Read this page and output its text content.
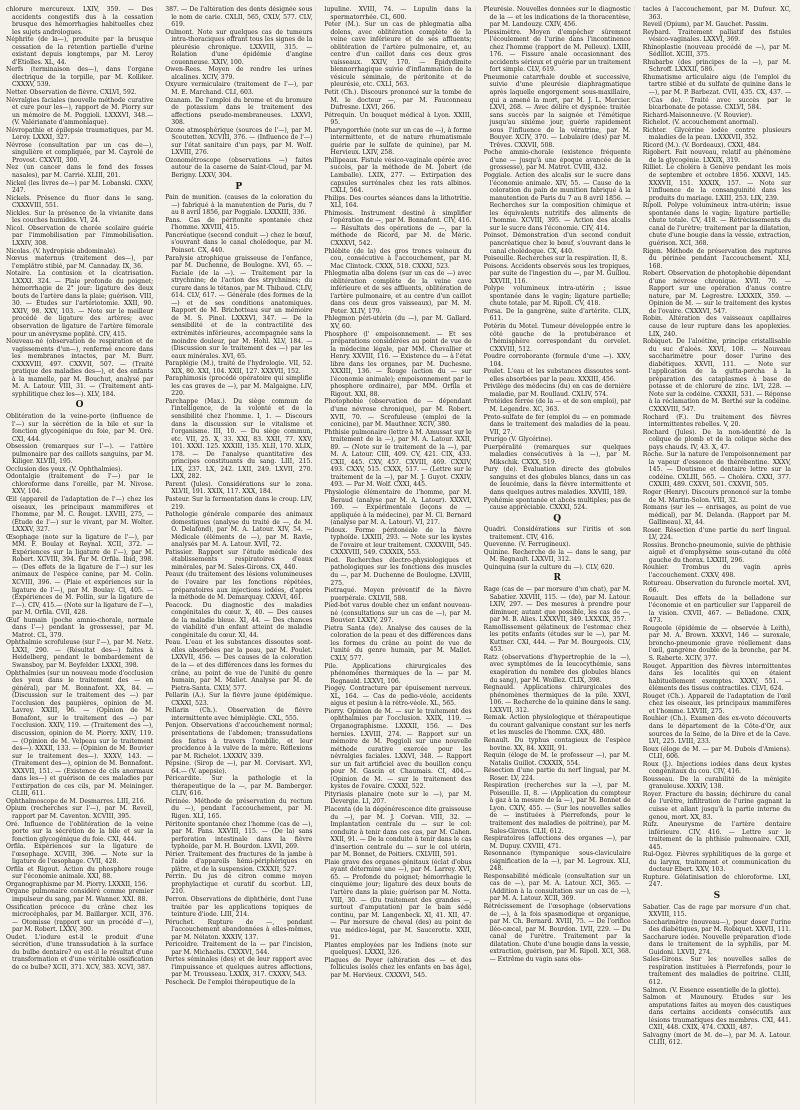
chlorure mercureux. LXIV, 359. — Des accidents congestifs dus à la cessation brusque des hémorrhagies habituelles chez les sujets andrologues.

Néphrite (de la—), produite par la brusque cessation de la rétention partielle d'urine existant depuis longtemps, par M. Leroy d'Etiolles. XL, 44.

Nerfs (terminaison des—), dans l'organe électrique de la torpille, par M. Kolliker. CXXXV, 539.

Netter. Observation de fièvre. CXLVI, 592.

Névralgies faciales (nouvelle méthode curative et cure pour les—), rapport de M. Piorry sur un mémoire de M. Poggioli. LXXXVI, 348.— (V. Valérianate d'ammoniaque).

Névropathie et épilepsie traumatiques, par M. Leroy. LXXXI, 327.

Névrose (consultation par un cas de—), singulière et compliquée, par M. Cayrolé de Provost. CXXVII, 300.

Nez (un cancer dans le fond des fosses nasales), par M. Carrié. XLIII, 201.

Nickel (les livres de—) par M. Lobanski. CXXV, 247.

Nickels. Présence du fluor dans le sang. CXXXVIII, 551.

Nickles. Sur la présence de la vivianite dans les couches humides. VI, 24.

Nicol. Observation de chorée scolaire guérie par l'immobilisation par l'immobilisation. LXXIV, 308.

Nicolas. (V. hydropisie abdominale).

Nœvus maternus (traitement des—), par l'emplâtre stibié, par M. Cannaday. IX, 36.

Notaire. La contusion et la cicatrisation. LXXXI. 324. — Plaie profonde du poignet; hémorrhagie de 2° jour: ligature des deux bouts de l'artère dans la plaie; guérison. VIII, 30. — Études sur l'artériotomie. XXII, 90. XXIV, 98. XXV, 103. — Note sur le meilleur procédé de ligature des artères; avec observation de ligature de l'artère fémorale pour un anévrysme poplité. CIV, 415.

Nouveau-né (observation de respiration et de vagissements d'un—), renfermé encore dans les membranes intactes, par M. Burr. CXXXVIII, 497. CXXVII, 507. — (Traité pratique des maladies des—), et des enfants à la mamelle, par M. Bouchut, analysé par M. A. Latour. VIII, 31. — (Traitement anti-syphilitique chez les—). XLV, 184.

O

Oblitération de la veine-porte (influence de l'—) sur la sécrétion de la bile et sur la fonction glycogénique du foie, par M. Oré. CXI, 444.

Obsession (remarques sur l'—). — l'attère pulmonaire par des caillots sanguins, par M. Kiliger. XLVIII, 195.

Occlusion des yeux. (V. Ophthalmies).

Odontalgie (traitement de l'—) par le chloroforme dans l'oreille, par M. Nivose. XXV, 104.

Œil (appareil de l'adaptation de l'—) chez les oiseaux, les principaux mammifères et l'homme, par M. C. Rouget. LXVIII, 275, — (Étude de l'—) sur le vivant, par M. Wolter. LXXXV, 327.

Œsophage (note sur la ligature de l'—), par MM. F. Boulay et Reynal. XCII, 372. — Expériences sur la ligature de l'—), par M. Robert. XCVIII, 394. Par M. Orfila. Ibid, 398. — (Des effets de la ligature de l'—) sur les animaux de l'espèce canine, par M. Colin. XCVIII, 396. — (Plaie et expériences sur la ligature de l'—), par M. Boulay. Cl, 405. — (Expériences de M. Follin, sur la ligature de l'—). CIV, 415.— (Note sur la ligature de l'—), par M. Orfila. CVII, 428.

Œuf humain (poche amnio-chorale, normale dans l'—) pendant la grossesse), par M. Matrot. CL, 379.

Ophthalmie scrofuleuse (sur l'—), par M. Netz. LXXI, 290. — (Résultat des—) faites à Heidelberg, pendant le bombardement de Swansboy, par M. Beyfelder. LXXXI, 398.

Ophthalmies (sur un nouveau mode d'occlusion des yeux dans le traitement des — en général), par M. Bonnafont. XX, 84. — (Discussion sur le traitement des —) par l'occlusion des paupières, opinion de M. Lavrey. XXIII, 96. — (Opinion de M. Bonafont, sur le traitement des —) par l'occlusion. XXIV, 119. — (Traitement des —), discussion, opinion de M. Piorry. XXIV, 119. — (Opinion de M. Velpeau sur le traitement des—). XXXII, 133. — (Opinion de M. Bouvier sur le traitement des—). XXXV, 143. — (Traitement des—), opinion de M. Bonnafont. XXXVII, 151. — (Existence de cils anormaux dans les—) et guérison de ces maladies par l'extirpation de ces cils, par M. Meininger. CLIII, 611.

Ophthalmoscope de M. Desmarres. LIII, 216.

Opium (recherches sur l'—), par M. Reveil, rapport par M. Caventon. XCVIII, 395.

Oré. Influence de l'oblitération de la veine porte sur la sécrétion de la bile et sur la fonction glycogénique du foie. CXI, 444.

Orfila. Expériences sur la ligature de l'œsophage. XCVIII, 396. — Note sur la ligature de l'œsophage. CVII, 428.

Orfila et Rigout. Action du phosphore rouge sur l'économie animale. XXI, 88.

Organographisme par M. Piorry. LXXXII, 156.

Organe pulmonaire considéré comme premier impulseur du sang, par M. Wanner. XXI. 88.

Ossification précoce du crâne chez les microcéphales, par M. Baillarger. XCII, 376. — Otomisse (rapport sur un procédé d'—), par M. Robert. LXXV, 300.

Oudet. L'iodure est-il le produit d'une sécrétion, d'une transsudation à la surface du bulbe dentaire? ou est-il le résultat d'une transformation et d'une véritable ossification de ce bulbe? XCII, 371. XCV, 383. XCVI, 387.

387. — De l'altération des dents désignée sous le nom de carie. CXLII, 565, CXLV, 577. CLV, 619.

Oulmont. Note sur quelques cas de tumeurs intra-thoraciques offrant tous les signes de la pleurésie chronique. LXXVIII, 315. — Relation d'une épidémie d'angine couenneuse. XXIV, 100.

Owen-Rees. Moyen de rendre les urines alcalines. XCIV, 379.

Oxyure vermiculaire (traitement de l'—), par M. E. Marchand. CLI, 603.

Ozanam. De l'emploi du brome et du bromure de potassium dans le traitement des affections pseudo-membraneuses. LXXVI, 308.

Ozone atmosphérique (sources de l'—), par M. Scoutetten. XCVIII, 376. — (Influence de l'—) sur l'état sanitaire d'un pays, par M. Wolf. LXVIII, 276.

Ozonométroscope (observations —) faites autour de la caserne de Saint-Cloud, par M. Berigny. LXXV, 304.

P

Pain de munition. (causes de la coloration du —) fabriqué à la manutention de Paris, du 7 au 8 avril 1856, par Poggiale. LXXXIII, 336.

Pans. Cas de péritonite spontanée chez l'homme. XXVIII, 415.

Pancréatique (second conduit —) chez le bœuf, s'ouvrant dans le canal cholédoque, par M. Poinsot. CX, 440.

Paralysie atrophique graisseuse de l'enfance, par M. Duchenne, de Boulogne. XVI, 65. — Faciale (de la —). — Traitement par la strychnine; de l'action des strychnines; du curare dans le tétanos, par M. Thibaud. CLIV, 614. CLV, 617. — Générale (des formes de la —) et de ses conditions anatomiques. Rapport de M. Brichotteau sur un mémoire de M. S. Pinel. LXXXVI, 347. — De la sensibilité et de la contractilité des extrémités inférieures, accompagnée sans la moindre douleur, par M. Hohl. XLV, 184. — (Discussion sur le traitement des —) par les eaux minérales. XVI, 65.

Paraplégie (M.), traité de l'hydrologie. VII, 52. XIX, 80. XXI, 104. XXII, 127. XXXVII, 152.

Paraphimosis (procédé opératoire qui simplifie les cas graves de —), par M. Malgaigne. LIV, 220.

Parchappe (Max.). Du siège commun de l'intelligence, de la volonté et de la sensibilité chez l'homme. I, 1. — Discours dans la discussion sur le vitalisme et l'organisme. III, 10. — Du siège commun, etc. VII, 25. X, 33. XXI, 83. XXII, 77. XXV, 101. XXXI. 125. XXXIII, 135. XLII, 170. XLIX, 178. — De l'analyse quantitative des principes constituants du sang. LIII, 215. LIX, 237. LX, 242. LXII, 249. LXVII, 270. LXX, 282.

Parent (Jules). Considérations sur le zona. XLVII, 191. XXIX, 117. XXX, 184.

Pasteur. Sur la fermentation dans le croup. LIV, 219.

Pathologie générale comparée des animaux domestiques (analyse du traité de —, de M. O. Delafond), par M. A. Latour. XIV, 54. — Médicale (éléments de —), par M. Ravle, analysés par M. A. Latour. XVII, 72.

Patissier. Rapport sur l'étude médicale des établissements respiratoires d'eaux minérales, par M. Sales-Girons. CX, 440.

Peaux (du traitement des lésions volumineuses de l'ovaire par les fonctions répétées, préparatoires aux injections iodées, d'après la méthode de M. Demarquay. CXXVI, 461.

Peacock. Du diagnostic des maladies congénitales du cœur. X, 40. — Des causes de la maladie bleue. XI, 44. — Des chances de viabilité d'un enfant atteint de maladie congénitale du cœur. XI, 44.

Peau. L'eau et les substances dissoutes sont-elles absorbées par la peau, par M. Poulet. LXXVII, 456. — Des causes de la coloration de la — et des différences dans les formes du crâne, au point de vue de l'unité du genre humain, par M. Maliet. Analyse par M. de Pietra-Santa. CXLV, 577.

Pellarin (A.). Sur la fièvre jaune épidémique. CXXXI, 523.

Pellarin (Ch.). Observation de fièvre intermittente avec hémiplégie. CXL, 555.

Penjon. Observations d'accouchement normal; présentations de l'abdomen; transsudations des fœtus à travers l'ombilic, et leur procidence à la vulve de la mère. Réflexions par M. Richelot. LXXXIV, 339.

Pépsine. (Sirop de —), par M. Corvisart. XVI, 64.— (V. apepsie).

Péricardite. Sur la pathologie et la thérapeutique de la —, par M. Bamberger. CLIV, 616.

Périnée. Méthode de préservation du rectum du —), pendant l'accouchement, par M. Rigen. XLI, 165.

Péritonite spontanée chez l'homme (cas de —), par M. Pans. XXVIII, 115. — (De la) sans perforation intestinale dans la fièvre typhoïde, par M. H. Bourdon. LXVII, 269.

Périer. Traitement des fractures de la jambe à l'aide d'appareils hémi-périphériques en plâtre, et de la suspension. CXXXII, 527.

Perrin. Du jus de citron comme moyen prophylactique et curatif du scorbut. LII, 210.

Perron. Observations de diphthérie, dont l'une traitée par les applications topiques de teinture d'iode. LIII, 214.

Péruchet. Rupture de —, pendant l'accouchement abandonnées à elles-mêmes, par M. Nélaton. XXXIV, 137.

Pericoidre. Traitement de la — par l'incision, par M. Michaelis. CXXXVI, 544.

Pertes séminales (des) et de leur rapport avec l'impuissance et quelques autres affections, par M. Trousseau. LXXIX, 317. CXXXV, 543.

Pescheck. De l'emploi thérapeutique de la

lupuline. XVIII, 74. — Lupulin dans la spermatorrhée. CL, 600.

Peter (M.). Sur un cas de phlegmatia alba dolens, avec oblitération complète de la veine cave inférieure et de ses affluents; oblitération de l'artère pulmonaire, et, au centre d'un caillot dans ces deux gros vaisseaux. XXIV, 170. — Épidydimite blennorrhagique suivie d'inflammation de la vésicule séminale, de péritonite et de pleurésie, etc. CXLI, 563.

Petit (Ch.). Discours prononcé sur la tombe de M. le docteur —, par M. Fauconneau Dufresne. LXVI, 266.

Pétrequin. Un bouquet médical à Lyon. XXIII, 95.

Pharyngorrhée (note sur un cas de —), à forme intermittente, et de nature rhumatismale guérie par le sulfate de quinine), par M. Hervieux. LXIV, 258.

Philipeaux. Fistule vésico-vaginale opérée avec succès, par la méthode de M. Jobert (de Lamballe). LXIX, 277. — Extirpation des capsules surrénales chez les rats albinos. CXLI, 564.

Philips. Des courtes séances dans la lithotritie. XLI, 164.

Phimosis. Instrument destiné à simplifier l'opération de —, par M. Bonnafont. CIV, 416. — Résultats des opérations de —, par la méthode de Ricord, par M. de Méric. CXXXVI, 542.

Phlébite (de la) des gros troncs veineux du cou, consécutive à l'accouchement, par M. Mac Clintock. CXXX, 518. CXXXI, 523.

Phlegmatia alba dolens (sur un cas de —) avec oblitération complète de la veine cave inférieure et de ses affluents, oblitération de l'artère pulmonaire, et au centre d'un caillot dans ces deux gros vaisseaux), par M. M. Peter. XLIV, 179.

Phlegmon péri-utérin (du —), par M. Gallard. XV, 60.

Phosphore (l' empoisonnement. — Et ses préparations considérées au point de vue de la médecine légale, par MM. Chevallier et Henry. XXVIII, 116. — Existence du — à l'état libre dans les organes, par M. Duchesne. XXXIII, 136. — Rouge (action du — sur l'économie animale); empoisonnement par le phosphore ordinaire), par MM. Orfila et Rigout. XXI, 88.

Photophobie (observation de — dépendant d'une névrose chronique), par M. Robert. XVII, 70. — Scrofuleuse (emploi de la conicine), par M. Mauthner. XCIV, 380.

Phthisie pulmonaire (lettre à M. Amussat sur le traitement de la —), par M. A. Latour. XXII, 89. — (Note sur le traitement de la —), par M. A. Latour. CIII, 409. CV, 421. CIX, 433. CXII, 445. CXV, 457. CXVIII, 469. CXXIV, 493. CXXV, 515. CXXX, 517. — (Lettre sur le traitement de la —), par M. J. Guyot. CXXIV, 493. — Par M. Wolf. CXXI, 445.

Physiologie élémentaire de l'homme, par M. Beraud (analyse par M. A. Latour). XXXVI, 169. — Expérimentale (leçons de — appliquée à la médecine), par M. Cl. Bernard (analyse par M. A. Latour). VI, 217.

Pidoux. Forme péritonéale de la fièvre typhoïde. LXXIII, 293. — Note sur les kystes de l'ovaire et leur traitement. CXXXVIII, 545. CXXXVIII, 549. CXXXIX, 553.

Pied. Recherches électro-physiologiques et pathologiques sur les fonctions des muscles du —, par M. Duchenne de Boulogne. LXVIII, 275.

Pietraqué. Moyen préventif de la fièvre puerpérale. CXLVII, 588.

Pied-bot varus double chez un enfant nouveau-né (consultations sur un cas de —), par M. Bouvier. LXXIV, 297.

Pietra Santa (de). Analyse des causes de la coloration de la peau et des différences dans les formes du crâne au point de vue de l'unité du genre humain, par M. Mallet. CXLV, 577.

Pile. Applications chirurgicales des phénomènes thermiques de la — par M. Regnauld. LXXVI, 106.

Piogey. Contracture par épuisement nerveux. XL, 164. — Cas de pedio-véole, accidents aigus et pesiun à la rétro-véole. XL, 565.

Piorry. Opinion de M. — sur le traitement des ophthalmies par l'occlusion. XXIX, 119. — Organographisme. LXXXII, 156. — Des hernies. LXVIII, 274. — Rapport sur un mémoire de M. Poggioli sur une nouvelle méthode curative exercée pour les névralgies faciales. LXXVI, 348. — Rapport sur un fait artificiel avec du bouillon conçu pour M. Gascin et Chaumais. CI, 404.— (Opinion de M. — sur le traitement des kystes de l'ovaire. CXXXI, 522.

Pityriasis planaire (note sur le —), par M. Devergie. LI, 207.

Placenta (de la dégénérescence dite graisseuse du —), par M. J. Corvan. VIII, 32. — Implantation centrale du — sur le col: conduite à tenir dans ces cas, par M. Cahen. XXII, 91. — De la conduite à tenir dans le cas d'insertion centrale du — sur le col utérin, par M. Bonnet, de Poitiers. CXLVIII, 591.

Plaie grave des organes génitaux (éclat d'obus ayant déterminé une —), par M. Larrey. XVI, 65. — Profonde du poignet; hémorrhagie le cinquième jour; ligature des deux bouts de l'artère dans la plaie; guérison par M. Notta. VIII, 30. — (Du traitement des grandes —, surtout d'amputation) par le bain sédé continu, par M. Langenbeck. XI, 41. XII, 47. — Par morsure de cheval (des) au point de vue médico-légal, par M. Saucerotte. XXII, 91.

Plantes employées par les Indiens (note sur quelques). LXXXI, 326.

Plaques de Peyer (altération des — et des follicules isolés chez les enfants en bas âge), par M. Hervieux. CXXXVI, 545.

Pleurésie. Nouvelles données sur le diagnostic de la — et les indications de la thoracentèse, par M. Landouzy. CXIV, 456.

Plessimètre. Moyen d'empêcher sûrement l'écoulement de l'urine dans l'incontinence chez l'homme (rapport de M. Pelleux). LXIII, 176. — Fissure anale occasionnant des accidents sérieux et guérie par un traitement fort simple. CLV, 619.

Pneumonie catarrhale double et successive, suivie d'une pleurésie diaphragmatique après laquelle engorgement sous-maxillaire, qui a amené la mort, par M. J. L. Mercier. LXVI, 268. — Avec délire et dyspnée: traitée sans succès par la saignée et l'émétique jusqu'au sixième jour, guérie rapidement sous l'influence de la vératrine, par M. Bouyer. XCIV, 370. — Lobulaire (des) par M. Trêves. CXXVII, 508.

Poche amnio-chorale (existence fréquente d'une — jusqu'à une époque avancée de la grossesse), par M. Matrot. CVIII, 432.

Poggiale. Action des alcalis sur le sucre dans l'économie animale. XIV, 55. — Cause de la coloration du pain de munition fabriqué à la manutention de Paris du 7 au 8 avril 1856. — Recherches sur la composition chimique et les équivalents nutritifs des aliments de l'homme. XCVIII, 395. — Action des alcalis sur le sucre dans l'économie. CIV, 414.

Poinsot. Démonstration d'un second conduit pancréatique chez le bœuf, s'ouvrant dans le canal cholédoque. CX, 440.

Poiseuille. Recherches sur la respiration. II, 8.

Poisons. Accidents observés sous les tropiques, par suite de l'ingestion du —, par M. Guillou. XXVIII, 116.

Polype volumineux intra-utérin ; issue spontanée dans le vagin; ligature partielle; chute totale, par M. Ripoll. CV, 418.

Porsa. De la gangrène, suite d'artérite. CLIX, 611.

Potérin du Motel. Tumeur développée entre le côté gauche de la protubérance et l'hémisphère correspondant du cervelet. CXXVIII, 512.

Poudre corroborante (formule d'une —). XXV, 104.

Poulet. L'eau et les substances dissoutes sont-elles absorbées par la peau. XXXIII, 456.

Privilège des médecins (du) en cas de dernière maladie, par M. Roullaud. CXLIV, 574.

Protéides ferrée (de la — et de son emploi), par M. Legendre. XC, 363.

Proto-sulfate de fer (emploi du — en pommade dans le traitement des maladies de la peau. VII, 27.

Prurigo (V. Glycérine).

Puerpéralité (remarques sur quelques maladies consécutives à la —), par M. Mikschik. CXXX, 519.

Pury (de). Évaluation directe des globules sanguins et des globules blancs, dans un cas de leucémie, dans la fièvre intermittente et dans quelques autres maladies. XXVIII, 189.

Pyohémie spontanée et abcès multiples; pas de cause appréciable. CXXXI, 524.

Q

Quadri. Considérations sur l'iritis et son traitement. CIV, 416.

Quevenne. (V. Ferrugineux).

Quinine. Recherche de la — dans le sang, par M. Regnault. LXXVII, 312.

Quinquina (sur la culture du —). CLV, 620.

R

Rage (cas de — par morsure d'un chat), par M. Sabatier. XXVIII, 115. — (de), par M. Latour. LXIV, 297. — Des mesures à prendre pour diminuer, autant que possible, les cas de —, par M. B. Alies. LXXXVII, 349. LXXXIX, 357.

Ramollissement gélatineux de l'estomac chez les petits enfants (études sur le —), par M. Kuttner. CXI, 444. — Par M. Bourgeois. CLV, 453.

Ratz (observations d'hypertrophie de la —), avec symptômes de la leucocythémie, sans exagération du nombre des globules blancs du sang), par M. Woillez. CLIX, 398.

Regnauld. Applications chirurgicales des phénomènes thermiques de la pile. XXVI, 106. — Recherche de la quinine dans le sang. LXXVII, 312.

Remak. Action physiologique et thérapeutique du courant galvanique constant sur les nerfs et les muscles de l'homme. CXX, 480.

Renault. Du typhus contagieux de l'espèce bovine. XX, 84. XXIII, 91.

Requin (éloge de M. le professeur —), par M. Natalis Guillot. CXXXIX, 554.

Résection d'une partie du nerf lingual, par M. Roser. LV, 224.

Respiration (recherches sur la —), par M. Poiseuille. II, 8. — (Application du compteur à gaz à la mesure de la —), par M. Bonnet de Lyon. CXIV, 455. — (Sur les nouvelles salles de — instituées à Pierrefonds, pour le traitement des maladies de poitrine), par M. Sales-Girons. CLII, 612.

Respiratoires (affections des organes —), par M. Dupuy. CXVIII, 471.

Resonnance (tympanique sous-claviculaire (signification de la —), par M. Legroux. XLI, 248.

Responsabilité médicale (consultation sur un cas de —), par M. A. Latour. XCI, 365. — (Addition à la consultation sur un cas de —), par M. A. Latour. XCII, 369.

Rétrécissement de l'œsophage (observations de —), à la fois spasmodique et organique, par M. Ch. Bernard. XVIII, 75. — De l'orifice iléo-cæcal, par M. Bourdon. LVII, 229. — Du canal de l'urètre. Traitement par la dilatation. Chute d'une bougie dans la vessie, extraction, guérison, par M. Ripoll. XCI, 368. — Extrême du vagin sans obs-

tacles à l'accouchement, par M. Dufour. XC, 363.

Reveil (Opium), par M. Gauchet. Passim.

Reybard. Traitement palliatif des fistules vésico-vaginales. LXXVI, 369.

Rhinoplastie (nouveau procédé de —), par M. Sédillot. XCIII, 375.

Rhubarbe (des principes de la —), par M. Schroff. LXXXII, 586.

Rhumatisme articulaire aigu (de l'emploi du tartre stibié et du sulfate de quinine dans le—), par M. P. Barbezat. CVII, 435. CX, 437. — (Cas de). Traité avec succès par le bicarbonate de potasse. CXLVI, 584.

Richard-Maisonneuve. (V. Rouvier).

Richelot. (V. accouchement anormal).

Richter. Glycérine iodée contre plusieurs maladies de la peau. LXXXVII, 352.

Ricord (M.). (V. Bordeaux). CXXI, 484.

Rigobert. Fait nouveau, relatif au phénomène de la glycogénie. LXXIX, 319.

Rilliet. Le choléra à Genève pendant les mois de septembre et octobre 1856. XXXVI, 145. XXXVII, 151. XXXIX, 157. — Note sur l'influence de la consanguinité dans les produits du mariage. LXIII, 253. LIX, 239.

Ripoll. Polype volumineux intra-utérin; issue spontanée dans le vagin; ligature partielle; chute totale. CV, 418. — Rétrécissements du canal de l'urètre; traitement par la dilatation, chute d'une bougie dans la vessie, extraction, guérison. XCI, 368.

Rigen. Méthode de préservation des ruptures du périnée pendant l'accouchement. XLI, 168.

Robert. Observation de photophobie dépendant d'une névrose chronique. XVII. 70. — Rapport sur une opération d'anus contre nature, par M. Legrestre. LXXXIX, 359. — Opinion de M. — sur le traitement des kystes de l'ovaire. CXXXVI, 547.

Robin. Altération des vaisseaux capillaires cause de leur rupture dans les apoplexies. LIX, 240.

Robiquet. De l'aloétine, principe cristallisable du suc d'aloès. XXVI, 108. — Nouveau saccharimètre pour doser l'urine des diabétiques. XXVII, 111. — Note sur l'application de la gutta-percha à la préparation des cataplasmes à base de potasse et de chlorure de zinc. LVI, 228. — Note sur la codéine. CXXXII, 531. — Réponse à la réclamation de M. Berthé sur la codéine. CXXXVIII, 547.

Rochard (F.). Du traitement des fièvres intermittentes rebelles. V, 20.

Rochard (Jules). De la non-identité de la colique de plomb et de la colique sèche des pays chauds. IV, 43. X, 47.

Roche. Sur la nature de l'empoisonnement par la vapeur d'essence de thérébentine. XXXV, 145. — Doutisme et dentaire lettre sur la codéine. CXLIII, 565. — Choléra. CXXI, 377. CXXIII, 489. CXXVI, 501. CXXVII, 505.

Roger (Henry). Discours prononcé sur la tombe de M. Martin-Solon. VIII, 32.

Romans (sur les — enrisages, au point de vue médical), par M. Delanda. (Rapport par M. Gallineau). XI, 44.

Roser. Résection d'une partie du nerf lingual. LV, 224.

Rossius. Broncho-pneumonie, suivie de phthisie aiguë et d'emphysème sous-cutané du côté gauche du thorax. LXXIII, 296.

Rouhier. Trombus du vagin après l'accouchement. CXXV, 498.

Rotureau. Observation du furoncle mortel. XVI, 66.

Rouault. Des effets de la belladone sur l'économie et en particulier sur l'appareil de la vision. CXVII, 467. — Belladone. CXIX, 473.

Rougeole (épidémie de — observée à Leith), par M. A. Brown. XXXVI, 146 — suroxale, broncho-pneumonie grave réellement dans l'œil, gangrène double de la bronche, par M. S. Raberte. XCIV, 377.

Rouget. Apparition des fièvres intermittentes dans les localités qui en étaient habituellement exemptes. XXXV, 551. — éléments des tissus contractiles. CLVI, 624.

Rouget (Ch.). Appareil de l'adaptation de l'œil chez les oiseaux, les principaux mammifères et l'homme. LXVIII, 275.

Rouhier (Ch.). Examen des ex-voto découverts dans le département de la Côte-d'Or, aux sources de la Seine, de la Dive et de la Cave. LVI, 225. LVIII, 233.

Roux (éloge de M. — par M. Dubois d'Amiens). CLII, 606.

Roux (J.). Injections iodées dans deux kystes congénitaux du cou. CIV, 416.

Rousseau. De la curabilité de la ménigite granuleuse. XXXIV, 138.

Royer. Fracture du bassin; déchirure du canal de l'urètre, infiltration de l'urine gagnant la cuisse et allant jusqu'à la partie interne du genou, mort. XX, 83.

Rufz. Aneurysme de l'artère dentaire inférieure. CIV, 416. — Lettre sur le traitement de la phthisie pulmonaire. CXII, 445.

Rul-Ogez. Fièvres syphilitiques de la gorge et du larynx, traitement et communication du docteur Ebert. XXV, 103.

Rupture. Gélatinisation de chloroforme. LXI, 247.

S

Sabatier. Cas de rage par morsure d'un chat. XXVIII, 115.

Saccharimètre (nouveau—), pour doser l'urine des diabétiques, par M. Robiquet. XXVII, 111.

Saccharure iodée. Nouvelle préparation d'iode dans le traitement de la syphilis, par M. Guidoni. LXVII, 274.

Sales-Girons. Sur les nouvelles salles de respiration instituées à Pierrefonds, pour le traitement des maladies de poitrine. CLIII, 612.

Salmon. (V. Essence essentielle de la glotte).

Salmon et Maunoury. Études sur les amputations faites au moyen des caustiques dans certains accidents consécutifs aux lésions traumatiques des membres. CXI, 441. CXII, 448. CXIX, 474. CXXII, 487.

Salvagny (mort de M. de—), par M. A. Latour. CLIII, 612.
